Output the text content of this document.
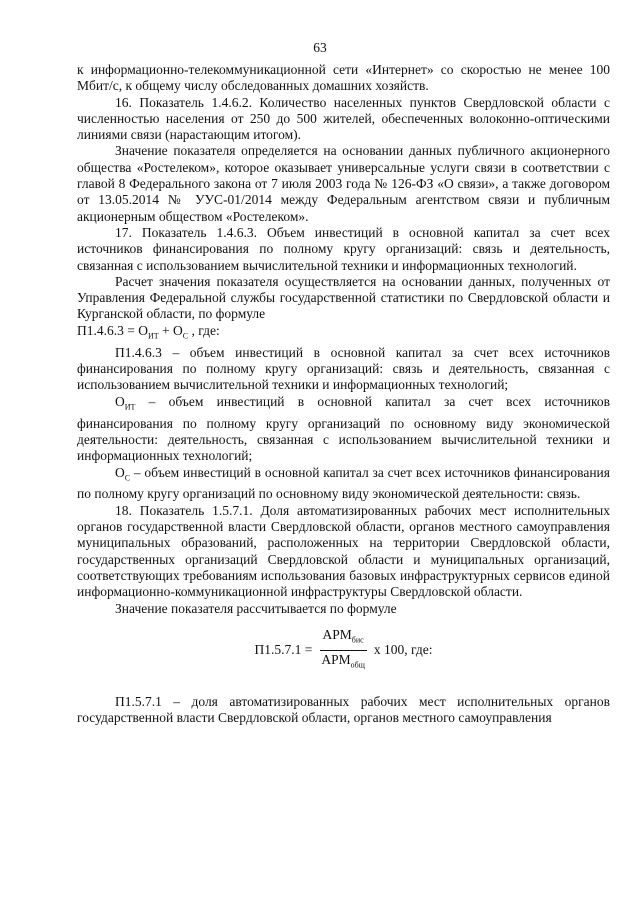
63

к информационно-телекоммуникационной сети «Интернет» со скоростью не менее 100 Мбит/с, к общему числу обследованных домашних хозяйств.

16. Показатель 1.4.6.2. Количество населенных пунктов Свердловской области с численностью населения от 250 до 500 жителей, обеспеченных волоконно-оптическими линиями связи (нарастающим итогом).

Значение показателя определяется на основании данных публичного акционерного общества «Ростелеком», которое оказывает универсальные услуги связи в соответствии с главой 8 Федерального закона от 7 июля 2003 года № 126-ФЗ «О связи», а также договором от 13.05.2014 № УУС-01/2014 между Федеральным агентством связи и публичным акционерным обществом «Ростелеком».

17. Показатель 1.4.6.3. Объем инвестиций в основной капитал за счет всех источников финансирования по полному кругу организаций: связь и деятельность, связанная с использованием вычислительной техники и информационных технологий.

Расчет значения показателя осуществляется на основании данных, полученных от Управления Федеральной службы государственной статистики по Свердловской области и Курганской области, по формуле

$П1.4.6.3 = О_{ИТ} + О_С$ , где:

П1.4.6.3 – объем инвестиций в основной капитал за счет всех источников финансирования по полному кругу организаций: связь и деятельность, связанная с использованием вычислительной техники и информационных технологий;

$О_{ИТ}$ – объем инвестиций в основной капитал за счет всех источников финансирования по полному кругу организаций по основному виду экономической деятельности: деятельность, связанная с использованием вычислительной техники и информационных технологий;

$О_С$ – объем инвестиций в основной капитал за счет всех источников финансирования по полному кругу организаций по основному виду экономической деятельности: связь.

18. Показатель 1.5.7.1. Доля автоматизированных рабочих мест исполнительных органов государственной власти Свердловской области, органов местного самоуправления муниципальных образований, расположенных на территории Свердловской области, государственных организаций Свердловской области и муниципальных организаций, соответствующих требованиям использования базовых инфраструктурных сервисов единой информационно-коммуникационной инфраструктуры Свердловской области.

Значение показателя рассчитывается по формуле

$П1.5.7.1 = \frac{АРМ_{бис}}{АРМ_{общ}}$ x 100, где:

П1.5.7.1 – доля автоматизированных рабочих мест исполнительных органов государственной власти Свердловской области, органов местного самоуправления
